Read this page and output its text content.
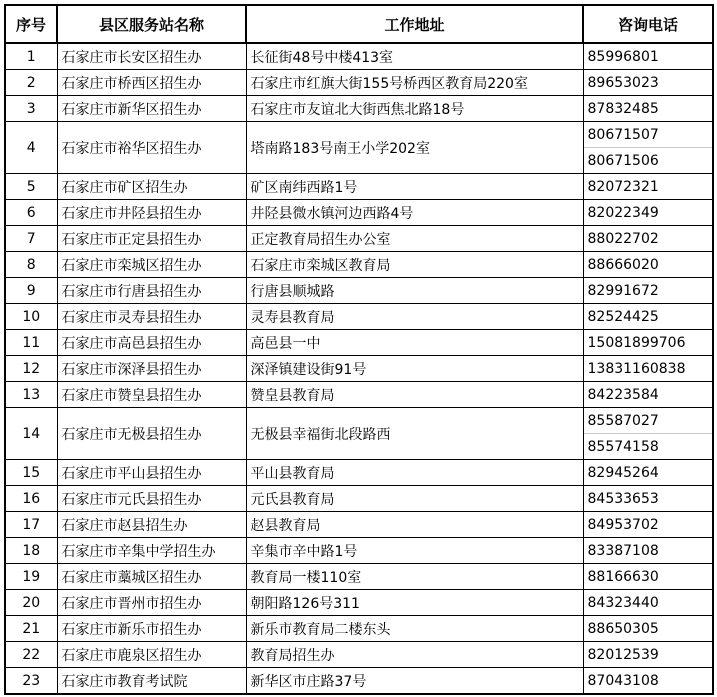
序号	县区服务站名称	工作地址	咨询电话
1	石家庄市长安区招生办	长征街48号中楼413室	85996801
2	石家庄市桥西区招生办	石家庄市红旗大街155号桥西区教育局220室	89653023
3	石家庄市新华区招生办	石家庄市友谊北大街西焦北路18号	87832485
4	石家庄市裕华区招生办	塔南路183号南王小学202室	80671507
			80671506
5	石家庄市矿区招生办	矿区南纬西路1号	82072321
6	石家庄市井陉县招生办	井陉县微水镇河边西路4号	82022349
7	石家庄市正定县招生办	正定教育局招生办公室	88022702
8	石家庄市栾城区招生办	石家庄市栾城区教育局	88666020
9	石家庄市行唐县招生办	行唐县顺城路	82991672
10	石家庄市灵寿县招生办	灵寿县教育局	82524425
11	石家庄市高邑县招生办	高邑县一中	15081899706
12	石家庄市深泽县招生办	深泽镇建设街91号	13831160838
13	石家庄市赞皇县招生办	赞皇县教育局	84223584
14	石家庄市无极县招生办	无极县幸福街北段路西	85587027
			85574158
15	石家庄市平山县招生办	平山县教育局	82945264
16	石家庄市元氏县招生办	元氏县教育局	84533653
17	石家庄市赵县招生办	赵县教育局	84953702
18	石家庄市辛集中学招生办	辛集市辛中路1号	83387108
19	石家庄市藁城区招生办	教育局一楼110室	88166630
20	石家庄市晋州市招生办	朝阳路126号311	84323440
21	石家庄市新乐市招生办	新乐市教育局二楼东头	88650305
22	石家庄市鹿泉区招生办	教育局招生办	82012539
23	石家庄市教育考试院	新华区市庄路37号	87043108
